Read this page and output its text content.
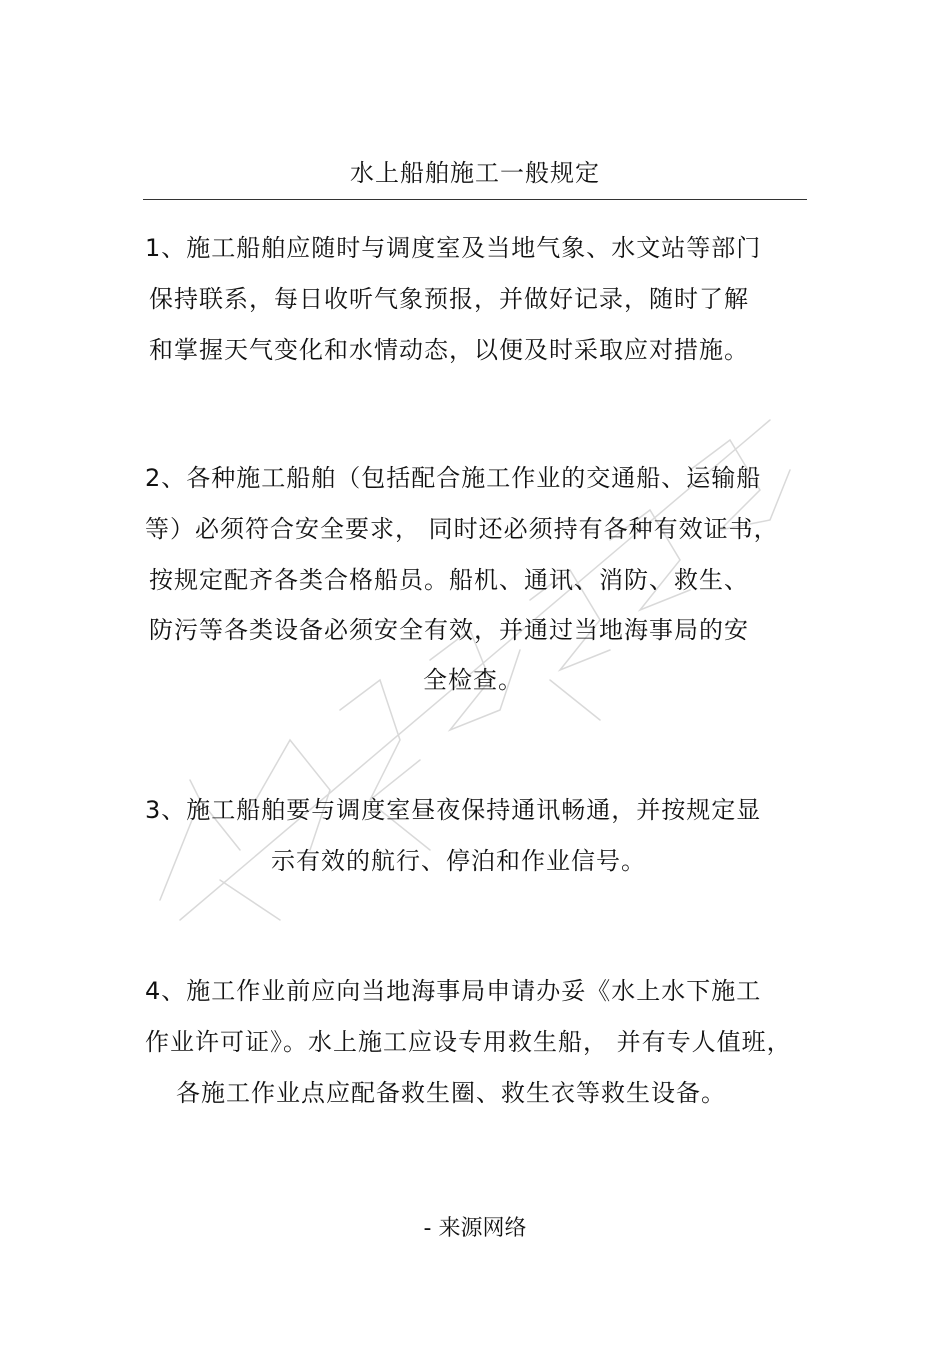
水上船舶施工一般规定
1、施工船舶应随时与调度室及当地气象、水文站等部门
保持联系，每日收听气象预报，并做好记录，随时了解
和掌握天气变化和水情动态，以便及时采取应对措施。
2、各种施工船舶（包括配合施工作业的交通船、运输船
等）必须符合安全要求， 同时还必须持有各种有效证书，
按规定配齐各类合格船员。船机、通讯、消防、救生、
防污等各类设备必须安全有效，并通过当地海事局的安
全检查。
3、施工船舶要与调度室昼夜保持通讯畅通，并按规定显
示有效的航行、停泊和作业信号。
4、施工作业前应向当地海事局申请办妥《水上水下施工
作业许可证》。水上施工应设专用救生船， 并有专人值班，
各施工作业点应配备救生圈、救生衣等救生设备。
- 来源网络
